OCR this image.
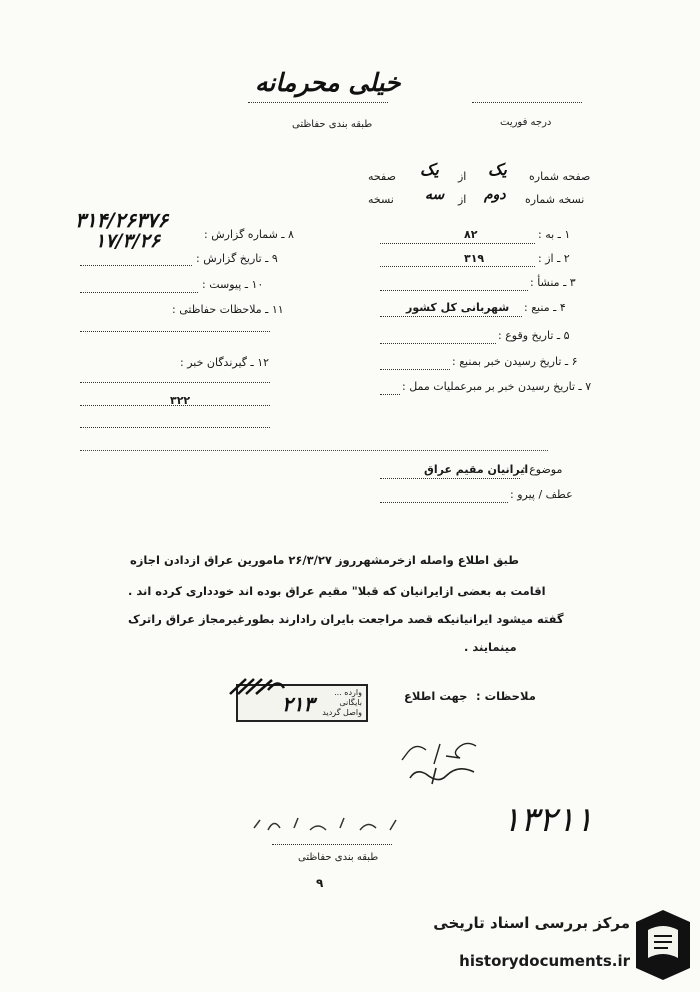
خیلی محرمانه
طبقه بندی حفاظتی	درجه فوریت
صفحه شماره
یک
از
یک
صفحه
نسخه شماره
دوم
از
سه
نسخه
۱ ـ به :
۸۲
۲ ـ از :
۳۱۹
۳ ـ منشأ :
۴ ـ منبع :
شهربانی کل کشور
۵ ـ تاریخ وقوع :
۶ ـ تاریخ رسیدن خبر بمنبع :
۷ ـ تاریخ رسیدن خبر بر مبرعملیات ممل :
۸ ـ شماره گزارش :
۳۱۴/۲۶۳۷۶
۹ ـ تاریخ گزارش :
۱۷/۳/۲۶
۱۰ ـ پیوست :
۱۱ ـ ملاحظات حفاظتی :
۱۲ ـ گیرندگان خبر :
۳۲۲
موضوع :
ایرانیان مقیم عراق
عطف / پیرو :
طبق اطلاع واصله ازخرمشهرروز ۲۶/۳/۲۷ مامورین عراق ازدادن اجازه
اقامت به بعضی ازایرانیان که قبلا" مقیم عراق بوده اند خودداری کرده اند .
گفته میشود ایرانیانیکه قصد مراجعت بایران رادارند بطورغیرمجاز عراق راترک
مینمایند .
ملاحظات :
جهت اطلاع
وارده ...
بایگانی
واصل گردید
۲۱۳
۱۳۲۱۱
طبقه بندی حفاظتی
۹
مرکز بررسی اسناد تاریخی
historydocuments.ir
